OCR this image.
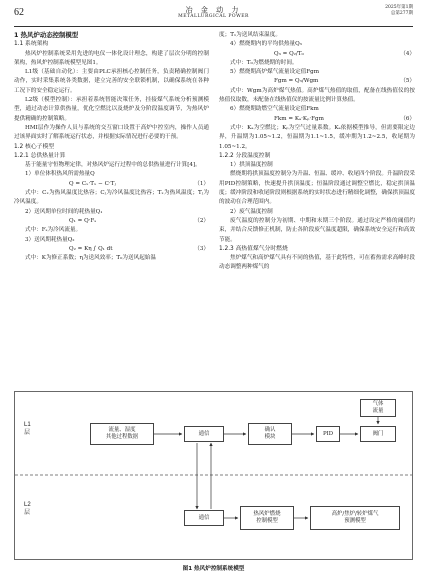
62	冶 金 动 力
METALLURGICAL POWER
2025年第1期
总第277期
1 热风炉动态控制模型
1.1 系统架构
热风炉控制系统采用先进的电仪一体化设计理念，构建了层次分明的控制架构，热风炉控制系统模型见图1。
L1级（基础自动化）：主要由PLC承担核心控制任务，负责精确控制阀门动作，实时采集系统各类数据，建立完善的安全联锁机制，以确保系统在各种工况下的安全稳定运行。
L2级（模型控制）：承担着系统智能决策任务，挂接煤气系统分析预测模型，通过动态计算供热量，优化空燃比以及烧炉及分阶段温度调节，为热风炉提供精确的控制策略。
HMI层作为操作人员与系统的交互窗口设置于高炉中控室内，操作人员通过该界面实时了解系统运行状态，并根据实际情况进行必要的干预。
1.2 核心子模型
1.2.1 总供热量计算
基于能量守恒物理定律，对热风炉运行过程中的总供热量进行计算[4]。
1）单位体积热风所需热量Q
Q = Cₓ·Tₓ − C·Tⱼ	（1）
式中：Cₓ为热风温度比热容；Cⱼ为冷风温度比热容；Tₓ为热风温度；Tⱼ为冷风温度。
2）送风期单位时间的耗热量Q₁
Q₁ = Q·Fₛ	（2）
式中：Fₛ为冷风流量。
3）送风期耗热量Q₂
Q₂ = Kη ∫ Q₁ dt	（3）
式中：K为修正系数；η为送风效率；T₀为送风起始温
度；T₁为送风结束温度。
4）燃烧期内的平均供热量Q₃
Q₃ = Q₂/T₀	（4）
式中：T₀为燃烧期的时间。
5）燃烧期高炉煤气流量设定值Fgm
Fgm = Q₃/Wgm	（5）
式中：Wgm为高炉煤气热值。高炉煤气热值的取值，配备在线热值仪的按热值仪取数，未配备在线热值仪的按流量比例计算热值。
6）燃烧期助燃空气流量设定值Fkm
Fkm = Kₐ·Kₚ·Fgm	（6）
式中：Kₐ为空燃比；Kₚ为空气过量系数。Kₐ依据模型推导，但需要限定边界，升温期为1.05~1.2，恒温期为1.1~1.5，缓冲期为1.2~2.5，收尾期为1.05~1.2。
1.2.2 分段温度控制
1）拱顶温度控制
燃烧期将拱顶温度控制分为升温、恒温、缓冲、收尾四个阶段。升温阶段采用PID控制策略，快速提升拱顶温度；恒温阶段通过调整空燃比，稳定拱顶温度；缓冲阶段和收尾阶段则根据系统的实时状态进行精细化调整，确保拱顶温度的波动在合理范围内。
2）废气温度控制
废气温度的控制分为初期、中期和末期三个阶段。通过设定严格的阈值约束，并结合反馈修正机制，防止各阶段废气温度超限，确保系统安全运行和高效节能。
1.2.3 高热值煤气分时燃烧
焦炉煤气和高炉煤气具有不同的热值，基于此特性，可在蓄热需求高峰时段动态调整两种煤气的
L1
层
L2
层
流量、湿度
其他过程数据
通信
确认
模块
PID	阀门
气体
流量
通信
热风炉燃烧
控制模型
高炉/焦炉/转炉煤气
预测模型
图1 热风炉控制系统模型
